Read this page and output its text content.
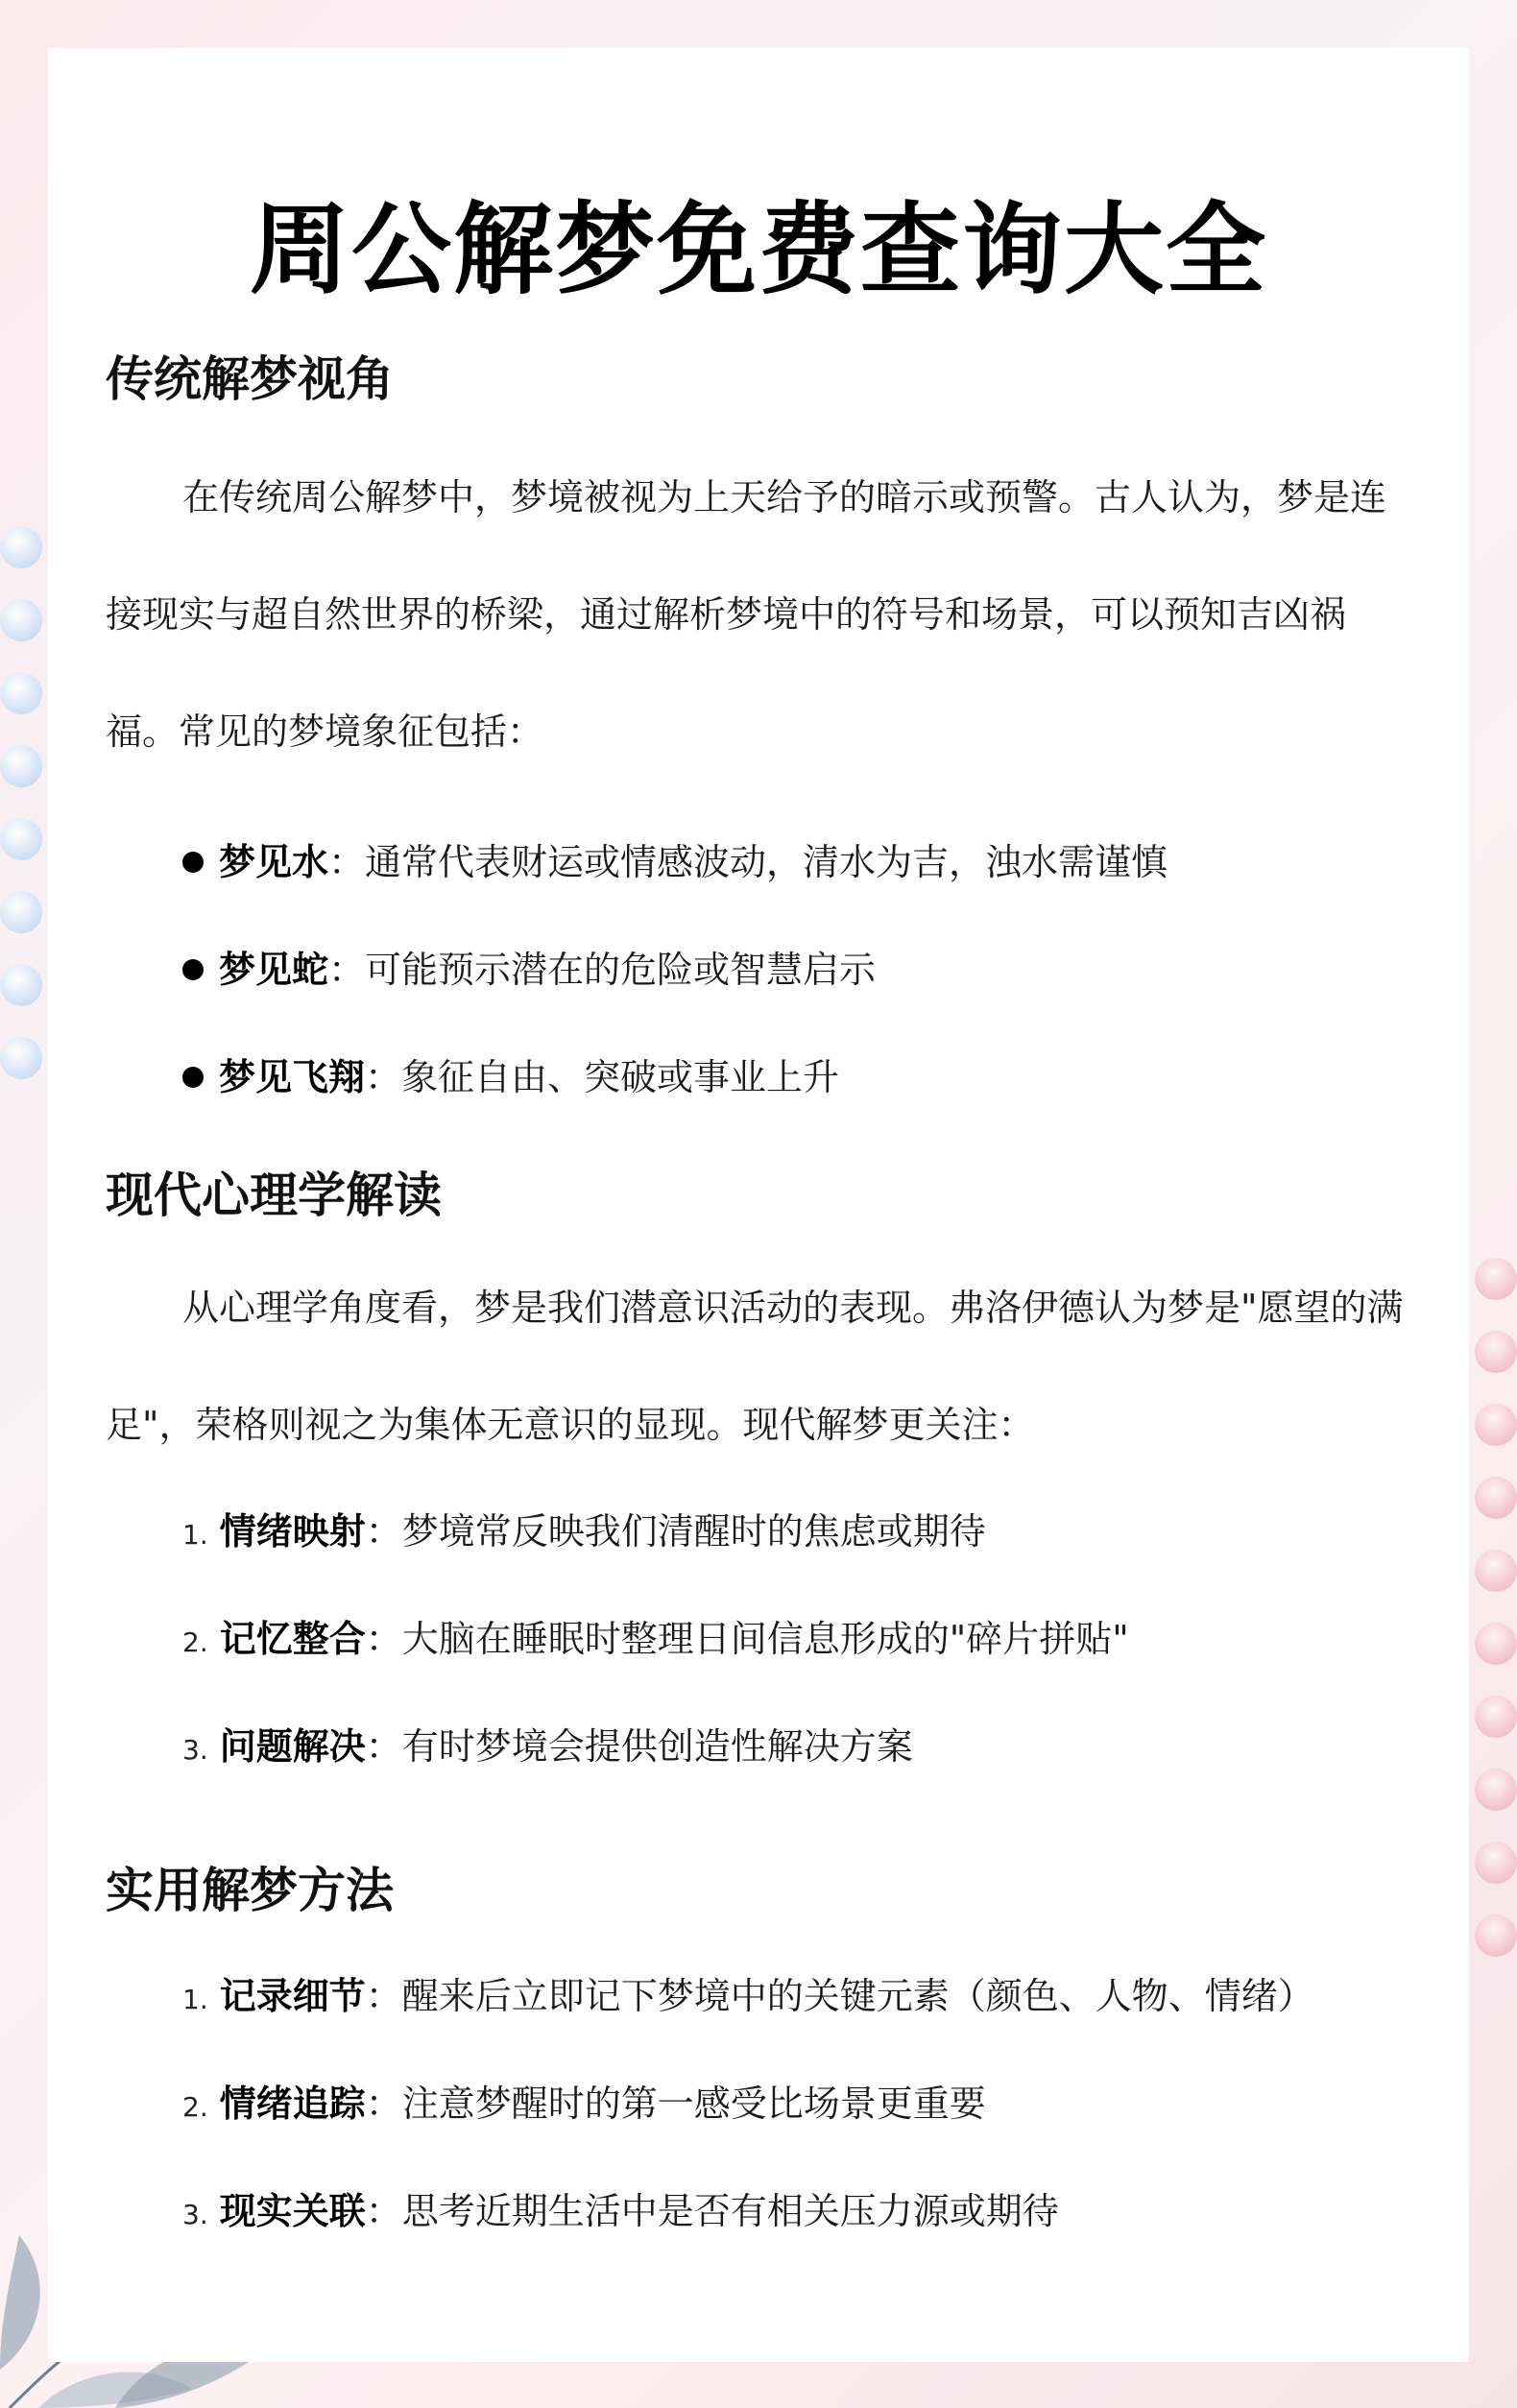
周公解梦免费查询大全
传统解梦视角

在传统周公解梦中，梦境被视为上天给予的暗示或预警。古人认为，梦是连接现实与超自然世界的桥梁，通过解析梦境中的符号和场景，可以预知吉凶祸福。常见的梦境象征包括：

梦见水：通常代表财运或情感波动，清水为吉，浊水需谨慎
梦见蛇：可能预示潜在的危险或智慧启示
梦见飞翔：象征自由、突破或事业上升
现代心理学解读

从心理学角度看，梦是我们潜意识活动的表现。弗洛伊德认为梦是"愿望的满足"，荣格则视之为集体无意识的显现。现代解梦更关注：

1. 情绪映射：梦境常反映我们清醒时的焦虑或期待
2. 记忆整合：大脑在睡眠时整理日间信息形成的"碎片拼贴"
3. 问题解决：有时梦境会提供创造性解决方案
实用解梦方法
1. 记录细节：醒来后立即记下梦境中的关键元素（颜色、人物、情绪）
2. 情绪追踪：注意梦醒时的第一感受比场景更重要
3. 现实关联：思考近期生活中是否有相关压力源或期待
